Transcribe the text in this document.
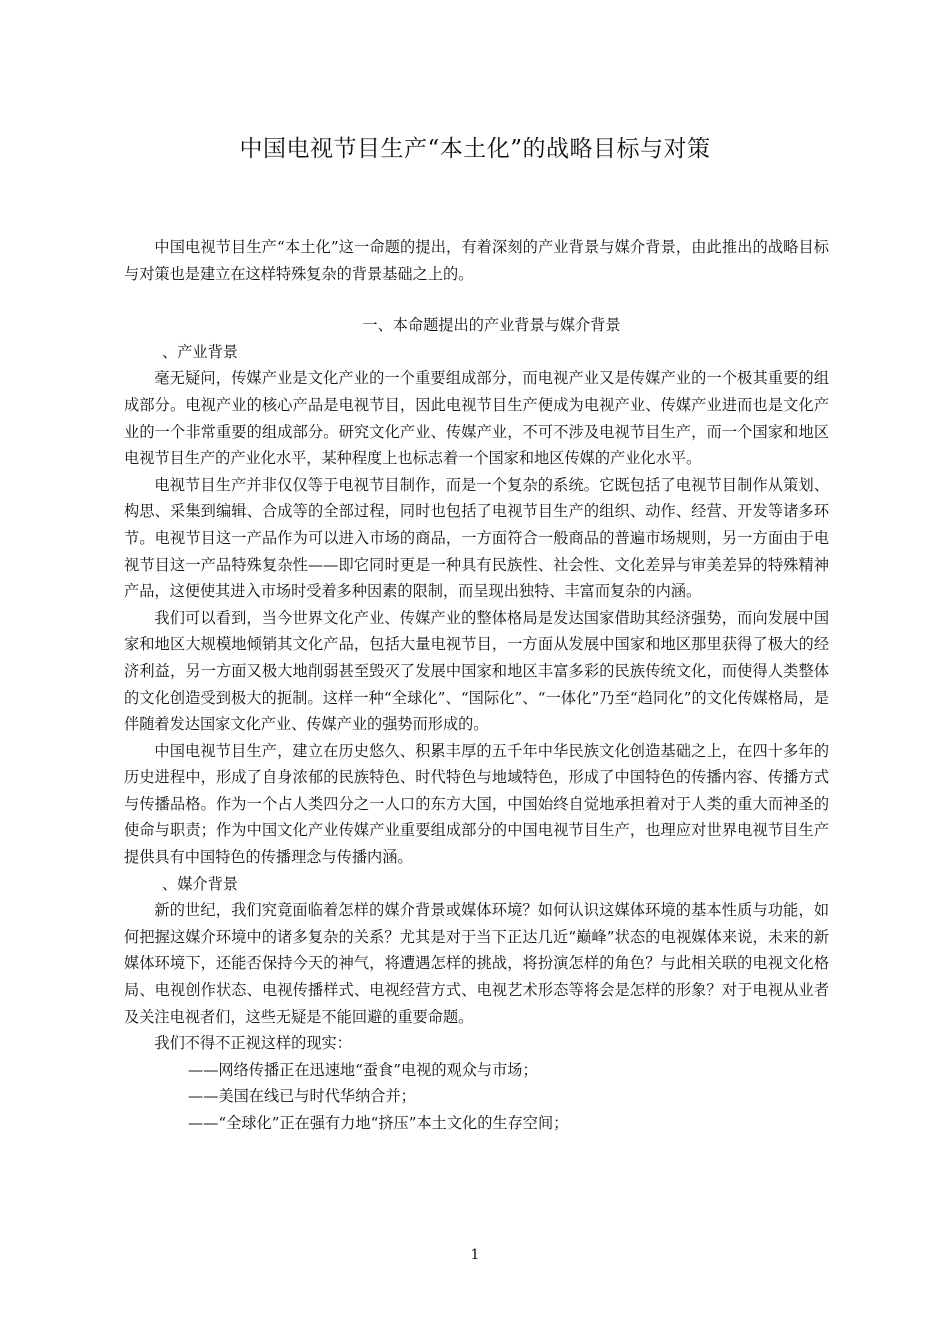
中国电视节目生产“本土化”的战略目标与对策

中国电视节目生产“本土化”这一命题的提出，有着深刻的产业背景与媒介背景，由此推出的战略目标与对策也是建立在这样特殊复杂的背景基础之上的。

一、本命题提出的产业背景与媒介背景

、产业背景

毫无疑问，传媒产业是文化产业的一个重要组成部分，而电视产业又是传媒产业的一个极其重要的组成部分。电视产业的核心产品是电视节目，因此电视节目生产便成为电视产业、传媒产业进而也是文化产业的一个非常重要的组成部分。研究文化产业、传媒产业，不可不涉及电视节目生产，而一个国家和地区电视节目生产的产业化水平，某种程度上也标志着一个国家和地区传媒的产业化水平。

电视节目生产并非仅仅等于电视节目制作，而是一个复杂的系统。它既包括了电视节目制作从策划、构思、采集到编辑、合成等的全部过程，同时也包括了电视节目生产的组织、动作、经营、开发等诸多环节。电视节目这一产品作为可以进入市场的商品，一方面符合一般商品的普遍市场规则，另一方面由于电视节目这一产品特殊复杂性——即它同时更是一种具有民族性、社会性、文化差异与审美差异的特殊精神产品，这便使其进入市场时受着多种因素的限制，而呈现出独特、丰富而复杂的内涵。

我们可以看到，当今世界文化产业、传媒产业的整体格局是发达国家借助其经济强势，而向发展中国家和地区大规模地倾销其文化产品，包括大量电视节目，一方面从发展中国家和地区那里获得了极大的经济利益，另一方面又极大地削弱甚至毁灭了发展中国家和地区丰富多彩的民族传统文化，而使得人类整体的文化创造受到极大的扼制。这样一种“全球化”、“国际化”、“一体化”乃至“趋同化”的文化传媒格局，是伴随着发达国家文化产业、传媒产业的强势而形成的。

中国电视节目生产，建立在历史悠久、积累丰厚的五千年中华民族文化创造基础之上，在四十多年的历史进程中，形成了自身浓郁的民族特色、时代特色与地域特色，形成了中国特色的传播内容、传播方式与传播品格。作为一个占人类四分之一人口的东方大国，中国始终自觉地承担着对于人类的重大而神圣的使命与职责；作为中国文化产业传媒产业重要组成部分的中国电视节目生产，也理应对世界电视节目生产提供具有中国特色的传播理念与传播内涵。

、媒介背景

新的世纪，我们究竟面临着怎样的媒介背景或媒体环境？如何认识这媒体环境的基本性质与功能，如何把握这媒介环境中的诸多复杂的关系？尤其是对于当下正达几近“巅峰”状态的电视媒体来说，未来的新媒体环境下，还能否保持今天的神气，将遭遇怎样的挑战，将扮演怎样的角色？与此相关联的电视文化格局、电视创作状态、电视传播样式、电视经营方式、电视艺术形态等将会是怎样的形象？对于电视从业者及关注电视者们，这些无疑是不能回避的重要命题。

我们不得不正视这样的现实：

——网络传播正在迅速地“蚕食”电视的观众与市场；

——美国在线已与时代华纳合并；

——“全球化”正在强有力地“挤压”本土文化的生存空间；

1
